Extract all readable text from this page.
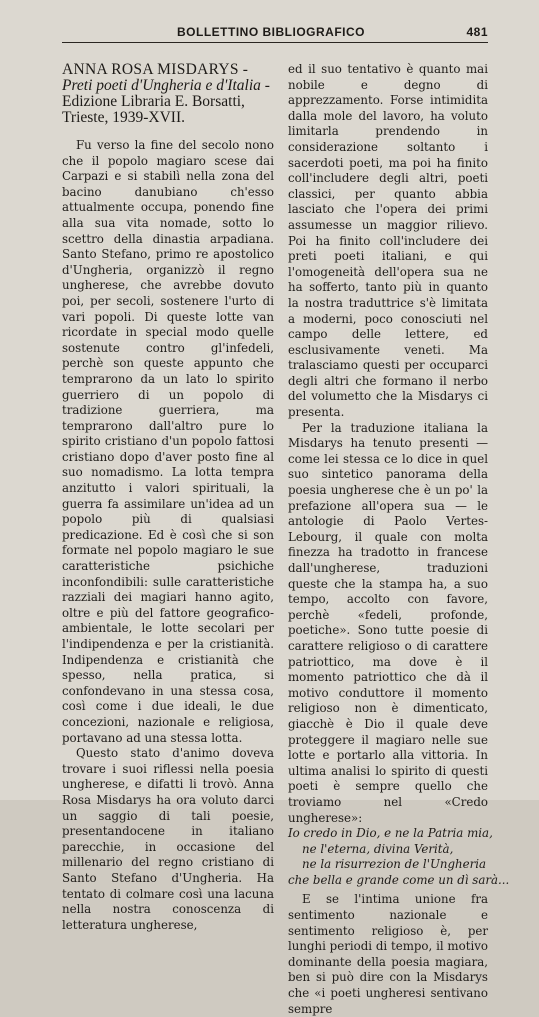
BOLLETTINO BIBLIOGRAFICO	481
ANNA ROSA MISDARYS - Preti poeti d'Ungheria e d'Italia - Edizione Libraria E. Borsatti, Trieste, 1939-XVII.

Fu verso la fine del secolo nono che il popolo magiaro scese dai Carpazi e si stabilì nella zona del bacino danubiano ch'esso attualmente occupa, ponendo fine alla sua vita nomade, sotto lo scettro della dinastia arpadiana. Santo Stefano, primo re apostolico d'Ungheria, organizzò il regno ungherese, che avrebbe dovuto poi, per secoli, sostenere l'urto di vari popoli. Di queste lotte van ricordate in special modo quelle sostenute contro gl'infedeli, perchè son queste appunto che temprarono da un lato lo spirito guerriero di un popolo di tradizione guerriera, ma temprarono dall'altro pure lo spirito cristiano d'un popolo fattosi cristiano dopo d'aver posto fine al suo nomadismo. La lotta tempra anzitutto i valori spirituali, la guerra fa assimilare un'idea ad un popolo più di qualsiasi predicazione. Ed è così che si son formate nel popolo magiaro le sue caratteristiche psichiche inconfondibili: sulle caratteristiche razziali dei magiari hanno agito, oltre e più del fattore geografico-ambientale, le lotte secolari per l'indipendenza e per la cristianità. Indipendenza e cristianità che spesso, nella pratica, si confondevano in una stessa cosa, così come i due ideali, le due concezioni, nazionale e religiosa, portavano ad una stessa lotta.

Questo stato d'animo doveva trovare i suoi riflessi nella poesia ungherese, e difatti li trovò. Anna Rosa Misdarys ha ora voluto darci un saggio di tali poesie, presentandocene in italiano parecchie, in occasione del millenario del regno cristiano di Santo Stefano d'Ungheria. Ha tentato di colmare così una lacuna nella nostra conoscenza di letteratura ungherese,

ed il suo tentativo è quanto mai nobile e degno di apprezzamento. Forse intimidita dalla mole del lavoro, ha voluto limitarla prendendo in considerazione soltanto i sacerdoti poeti, ma poi ha finito coll'includere degli altri, poeti classici, per quanto abbia lasciato che l'opera dei primi assumesse un maggior rilievo. Poi ha finito coll'includere dei preti poeti italiani, e qui l'omogeneità dell'opera sua ne ha sofferto, tanto più in quanto la nostra traduttrice s'è limitata a moderni, poco conosciuti nel campo delle lettere, ed esclusivamente veneti. Ma tralasciamo questi per occuparci degli altri che formano il nerbo del volumetto che la Misdarys ci presenta.

Per la traduzione italiana la Misdarys ha tenuto presenti — come lei stessa ce lo dice in quel suo sintetico panorama della poesia ungherese che è un po' la prefazione all'opera sua — le antologie di Paolo Vertes-Lebourg, il quale con molta finezza ha tradotto in francese dall'ungherese, traduzioni queste che la stampa ha, a suo tempo, accolto con favore, perchè «fedeli, profonde, poetiche». Sono tutte poesie di carattere religioso o di carattere patriottico, ma dove è il momento patriottico che dà il motivo conduttore il momento religioso non è dimenticato, giacchè è Dio il quale deve proteggere il magiaro nelle sue lotte e portarlo alla vittoria. In ultima analisi lo spirito di questi poeti è sempre quello che troviamo nel «Credo ungherese»:

Io credo in Dio, e ne la Patria mia,
ne l'eterna, divina Verità,
ne la risurrezion de l'Ungheria
che bella e grande come un dì sarà...

E se l'intima unione fra sentimento nazionale e sentimento religioso è, per lunghi periodi di tempo, il motivo dominante della poesia magiara, ben si può dire con la Misdarys che «i poeti ungheresi sentivano sempre
